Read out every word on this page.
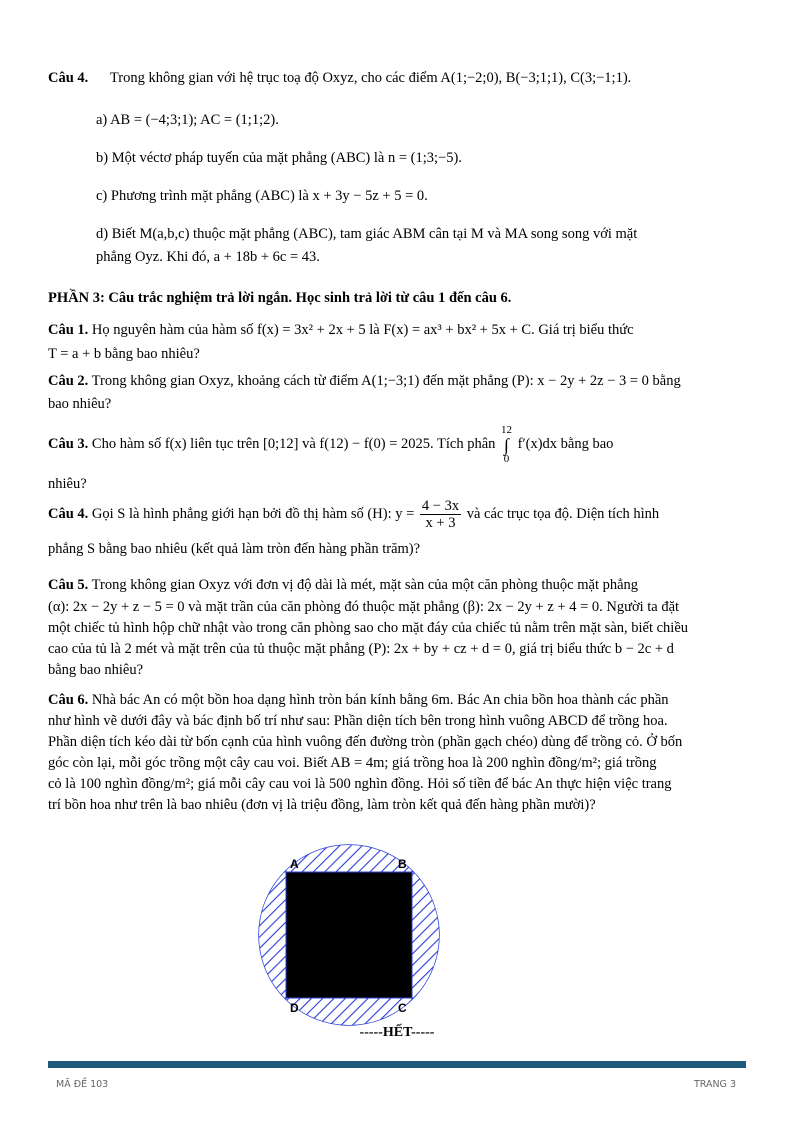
Câu 4. Trong không gian với hệ trục toạ độ Oxyz, cho các điểm A(1;−2;0), B(−3;1;1), C(3;−1;1).
a) AB = (−4;3;1); AC = (1;1;2).
b) Một véctơ pháp tuyến của mặt phẳng (ABC) là n = (1;3;−5).
c) Phương trình mặt phẳng (ABC) là x + 3y − 5z + 5 = 0.
d) Biết M(a,b,c) thuộc mặt phẳng (ABC), tam giác ABM cân tại M và MA song song với mặt
phẳng Oyz. Khi đó, a + 18b + 6c = 43.
PHẦN 3: Câu trắc nghiệm trả lời ngắn. Học sinh trả lời từ câu 1 đến câu 6.
Câu 1. Họ nguyên hàm của hàm số f(x) = 3x² + 2x + 5 là F(x) = ax³ + bx² + 5x + C. Giá trị biểu thức
T = a + b bằng bao nhiêu?
Câu 2. Trong không gian Oxyz, khoảng cách từ điểm A(1;−3;1) đến mặt phẳng (P): x − 2y + 2z − 3 = 0 bằng
bao nhiêu?
Câu 3. Cho hàm số f(x) liên tục trên [0;12] và f(12) − f(0) = 2025. Tích phân 12
∫
0 f′(x)dx bằng bao
nhiêu?
Câu 4. Gọi S là hình phẳng giới hạn bởi đồ thị hàm số (H): $y = \frac{4 - 3x}{x + 3}$ và các trục tọa độ. Diện tích hình
phẳng S bằng bao nhiêu (kết quả làm tròn đến hàng phần trăm)?
Câu 5. Trong không gian Oxyz với đơn vị độ dài là mét, mặt sàn của một căn phòng thuộc mặt phẳng
(α): 2x − 2y + z − 5 = 0 và mặt trần của căn phòng đó thuộc mặt phẳng (β): 2x − 2y + z + 4 = 0. Người ta đặt
một chiếc tủ hình hộp chữ nhật vào trong căn phòng sao cho mặt đáy của chiếc tủ nằm trên mặt sàn, biết chiều
cao của tủ là 2 mét và mặt trên của tủ thuộc mặt phẳng (P): 2x + by + cz + d = 0, giá trị biểu thức b − 2c + d
bằng bao nhiêu?
Câu 6. Nhà bác An có một bồn hoa dạng hình tròn bán kính bằng 6m. Bác An chia bồn hoa thành các phần
như hình vẽ dưới đây và bác định bố trí như sau: Phần diện tích bên trong hình vuông ABCD để trồng hoa.
Phần diện tích kéo dài từ bốn cạnh của hình vuông đến đường tròn (phần gạch chéo) dùng để trồng cỏ. Ở bốn
góc còn lại, mỗi góc trồng một cây cau voi. Biết AB = 4m; giá trồng hoa là 200 nghìn đồng/m²; giá trồng
cỏ là 100 nghìn đồng/m²; giá mỗi cây cau voi là 500 nghìn đồng. Hỏi số tiền để bác An thực hiện việc trang
trí bồn hoa như trên là bao nhiêu (đơn vị là triệu đồng, làm tròn kết quả đến hàng phần mười)?
-----HẾT-----
A	B
C
D
MÃ ĐỀ 103	TRANG 3
